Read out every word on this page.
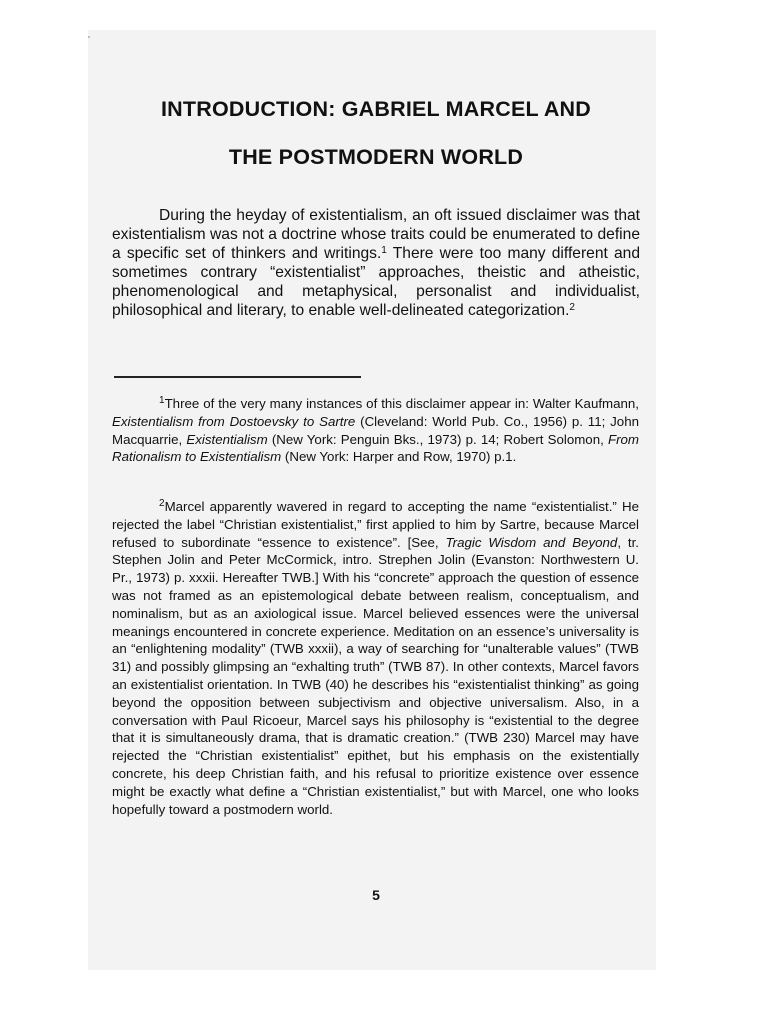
INTRODUCTION: GABRIEL MARCEL AND
THE POSTMODERN WORLD

During the heyday of existentialism, an oft issued disclaimer was that existentialism was not a doctrine whose traits could be enumerated to define a specific set of thinkers and writings.$^1$ There were too many different and sometimes contrary “existentialist” approaches, theistic and atheistic, phenomenological and metaphysical, personalist and individualist, philosophical and literary, to enable well-delineated categorization.$^2$

$^1$Three of the very many instances of this disclaimer appear in: Walter Kaufmann, Existentialism from Dostoevsky to Sartre (Cleveland: World Pub. Co., 1956) p. 11; John Macquarrie, Existentialism (New York: Penguin Bks., 1973) p. 14; Robert Solomon, From Rationalism to Existentialism (New York: Harper and Row, 1970) p.1.

$^2$Marcel apparently wavered in regard to accepting the name “existentialist.” He rejected the label “Christian existentialist,” first applied to him by Sartre, because Marcel refused to subordinate “essence to existence”. [See, Tragic Wisdom and Beyond, tr. Stephen Jolin and Peter McCormick, intro. Strephen Jolin (Evanston: Northwestern U. Pr., 1973) p. xxxii. Hereafter TWB.] With his “concrete” approach the question of essence was not framed as an epistemological debate between realism, conceptualism, and nominalism, but as an axiological issue. Marcel believed essences were the universal meanings encountered in concrete experience. Meditation on an essence’s universality is an “enlightening modality” (TWB xxxii), a way of searching for “unalterable values” (TWB 31) and possibly glimpsing an “exhalting truth” (TWB 87). In other contexts, Marcel favors an existentialist orientation. In TWB (40) he describes his “existentialist thinking” as going beyond the opposition between subjectivism and objective universalism. Also, in a conversation with Paul Ricoeur, Marcel says his philosophy is “existential to the degree that it is simultaneously drama, that is dramatic creation.” (TWB 230) Marcel may have rejected the “Christian existentialist” epithet, but his emphasis on the existentially concrete, his deep Christian faith, and his refusal to prioritize existence over essence might be exactly what define a “Christian existentialist,” but with Marcel, one who looks hopefully toward a postmodern world.

5
